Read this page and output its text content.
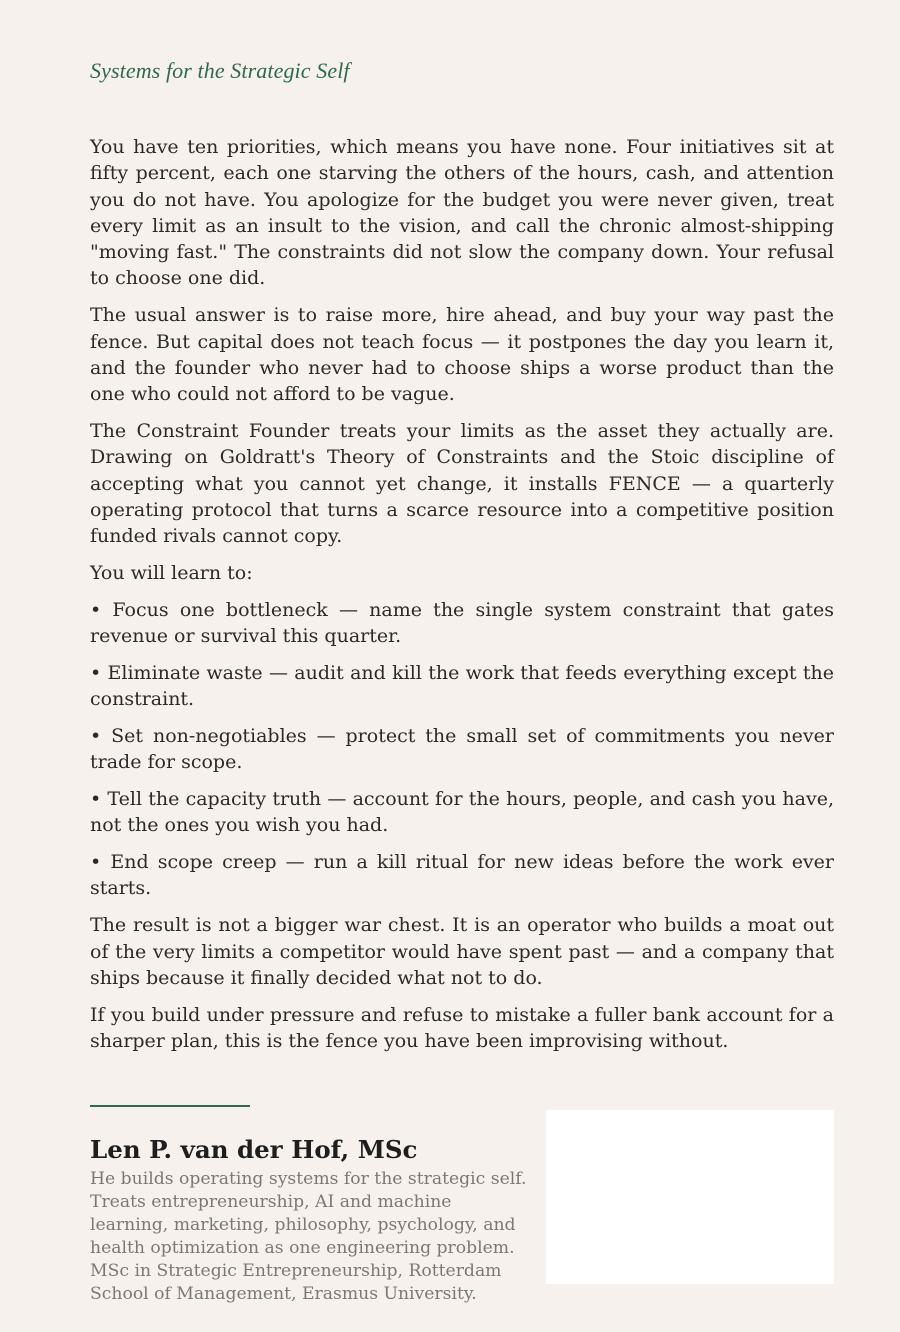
Systems for the Strategic Self

You have ten priorities, which means you have none. Four initiatives sit at fifty percent, each one starving the others of the hours, cash, and attention you do not have. You apologize for the budget you were never given, treat every limit as an insult to the vision, and call the chronic almost-shipping "moving fast." The constraints did not slow the company down. Your refusal to choose one did.

The usual answer is to raise more, hire ahead, and buy your way past the fence. But capital does not teach focus — it postpones the day you learn it, and the founder who never had to choose ships a worse product than the one who could not afford to be vague.

The Constraint Founder treats your limits as the asset they actually are. Drawing on Goldratt's Theory of Constraints and the Stoic discipline of accepting what you cannot yet change, it installs FENCE — a quarterly operating protocol that turns a scarce resource into a competitive position funded rivals cannot copy.

You will learn to:

• Focus one bottleneck — name the single system constraint that gates revenue or survival this quarter.

• Eliminate waste — audit and kill the work that feeds everything except the constraint.

• Set non-negotiables — protect the small set of commitments you never trade for scope.

• Tell the capacity truth — account for the hours, people, and cash you have, not the ones you wish you had.

• End scope creep — run a kill ritual for new ideas before the work ever starts.

The result is not a bigger war chest. It is an operator who builds a moat out of the very limits a competitor would have spent past — and a company that ships because it finally decided what not to do.

If you build under pressure and refuse to mistake a fuller bank account for a sharper plan, this is the fence you have been improvising without.

Len P. van der Hof, MSc

He builds operating systems for the strategic self. Treats entrepreneurship, AI and machine learning, marketing, philosophy, psychology, and health optimization as one engineering problem. MSc in Strategic Entrepreneurship, Rotterdam School of Management, Erasmus University.
